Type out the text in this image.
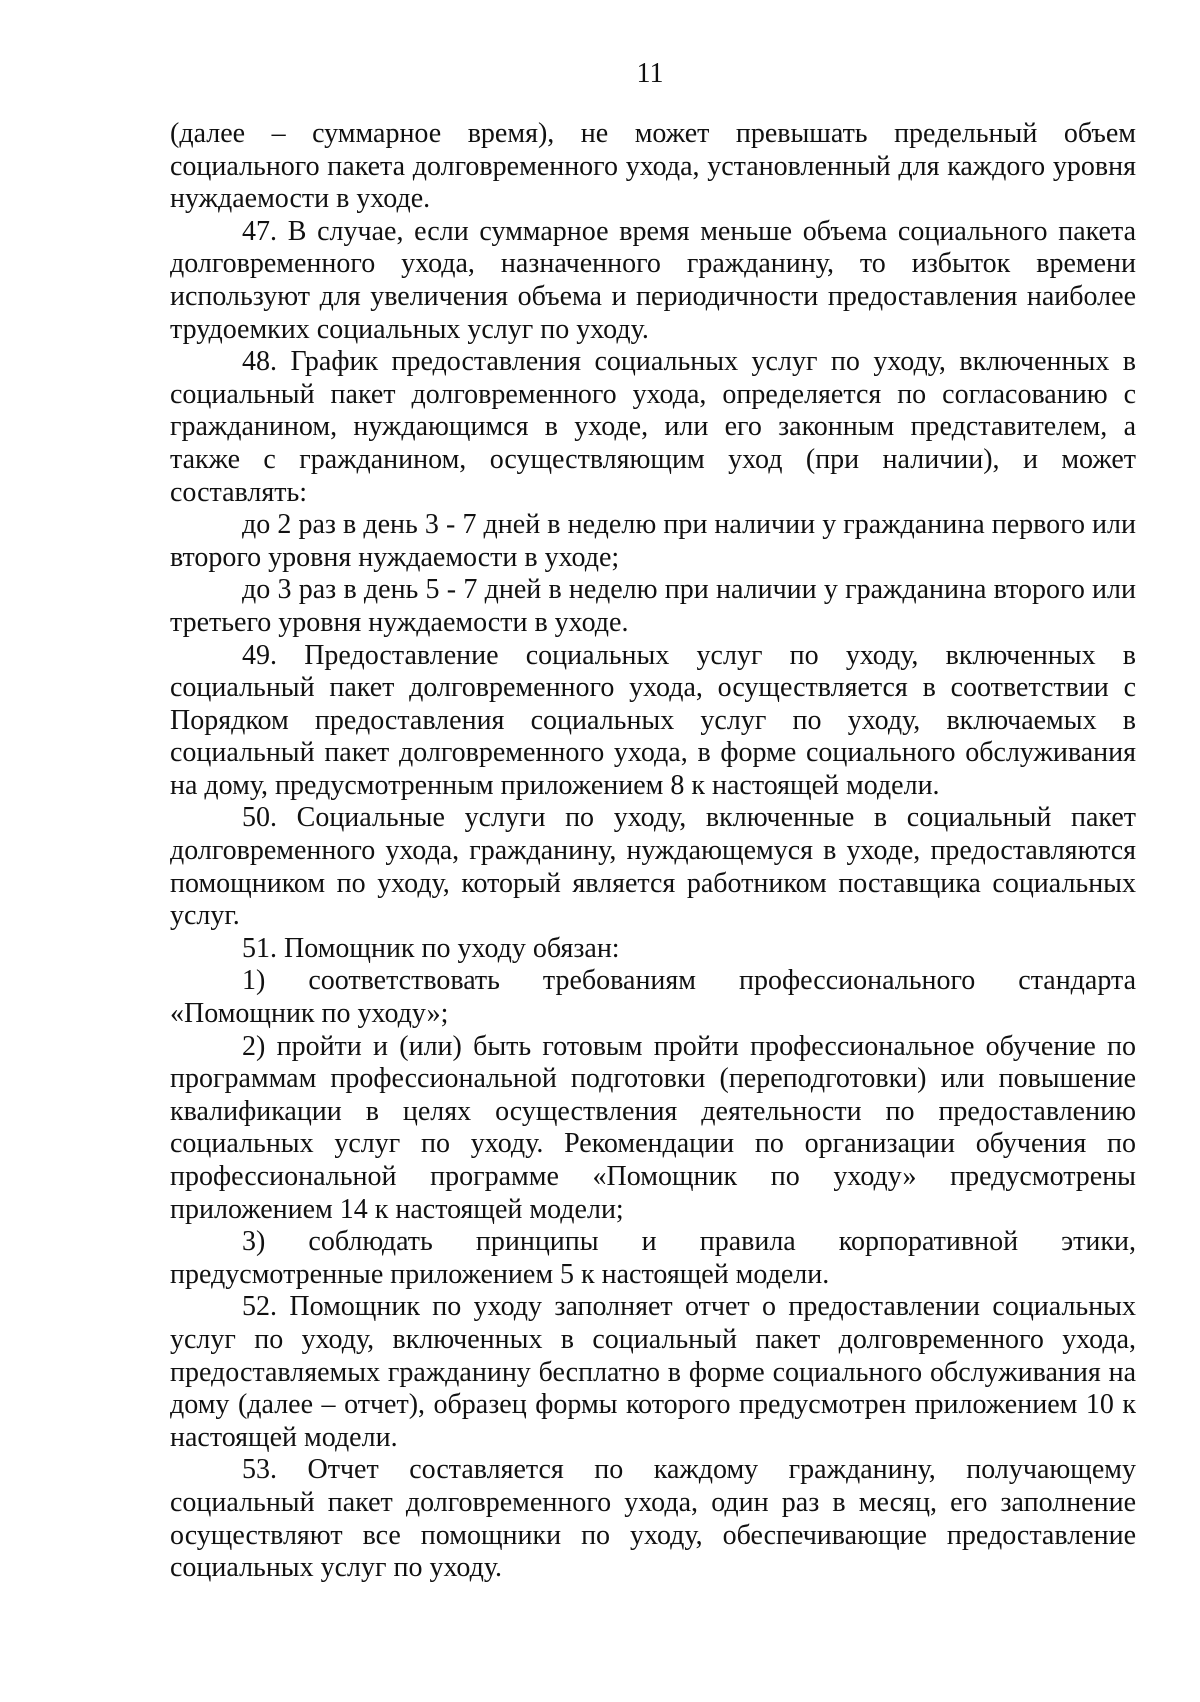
11

(далее – суммарное время), не может превышать предельный объем социального пакета долговременного ухода, установленный для каждого уровня нуждаемости в уходе.

47. В случае, если суммарное время меньше объема социального пакета долговременного ухода, назначенного гражданину, то избыток времени используют для увеличения объема и периодичности предоставления наиболее трудоемких социальных услуг по уходу.

48. График предоставления социальных услуг по уходу, включенных в социальный пакет долговременного ухода, определяется по согласованию с гражданином, нуждающимся в уходе, или его законным представителем, а также с гражданином, осуществляющим уход (при наличии), и может составлять:

до 2 раз в день 3 - 7 дней в неделю при наличии у гражданина первого или второго уровня нуждаемости в уходе;

до 3 раз в день 5 - 7 дней в неделю при наличии у гражданина второго или третьего уровня нуждаемости в уходе.

49. Предоставление социальных услуг по уходу, включенных в социальный пакет долговременного ухода, осуществляется в соответствии с Порядком предоставления социальных услуг по уходу, включаемых в социальный пакет долговременного ухода, в форме социального обслуживания на дому, предусмотренным приложением 8 к настоящей модели.

50. Социальные услуги по уходу, включенные в социальный пакет долговременного ухода, гражданину, нуждающемуся в уходе, предоставляются помощником по уходу, который является работником поставщика социальных услуг.

51. Помощник по уходу обязан:

1) соответствовать требованиям профессионального стандарта «Помощник по уходу»;

2) пройти и (или) быть готовым пройти профессиональное обучение по программам профессиональной подготовки (переподготовки) или повышение квалификации в целях осуществления деятельности по предоставлению социальных услуг по уходу. Рекомендации по организации обучения по профессиональной программе «Помощник по уходу» предусмотрены приложением 14 к настоящей модели;

3) соблюдать принципы и правила корпоративной этики, предусмотренные приложением 5 к настоящей модели.

52. Помощник по уходу заполняет отчет о предоставлении социальных услуг по уходу, включенных в социальный пакет долговременного ухода, предоставляемых гражданину бесплатно в форме социального обслуживания на дому (далее – отчет), образец формы которого предусмотрен приложением 10 к настоящей модели.

53. Отчет составляется по каждому гражданину, получающему социальный пакет долговременного ухода, один раз в месяц, его заполнение осуществляют все помощники по уходу, обеспечивающие предоставление социальных услуг по уходу.
